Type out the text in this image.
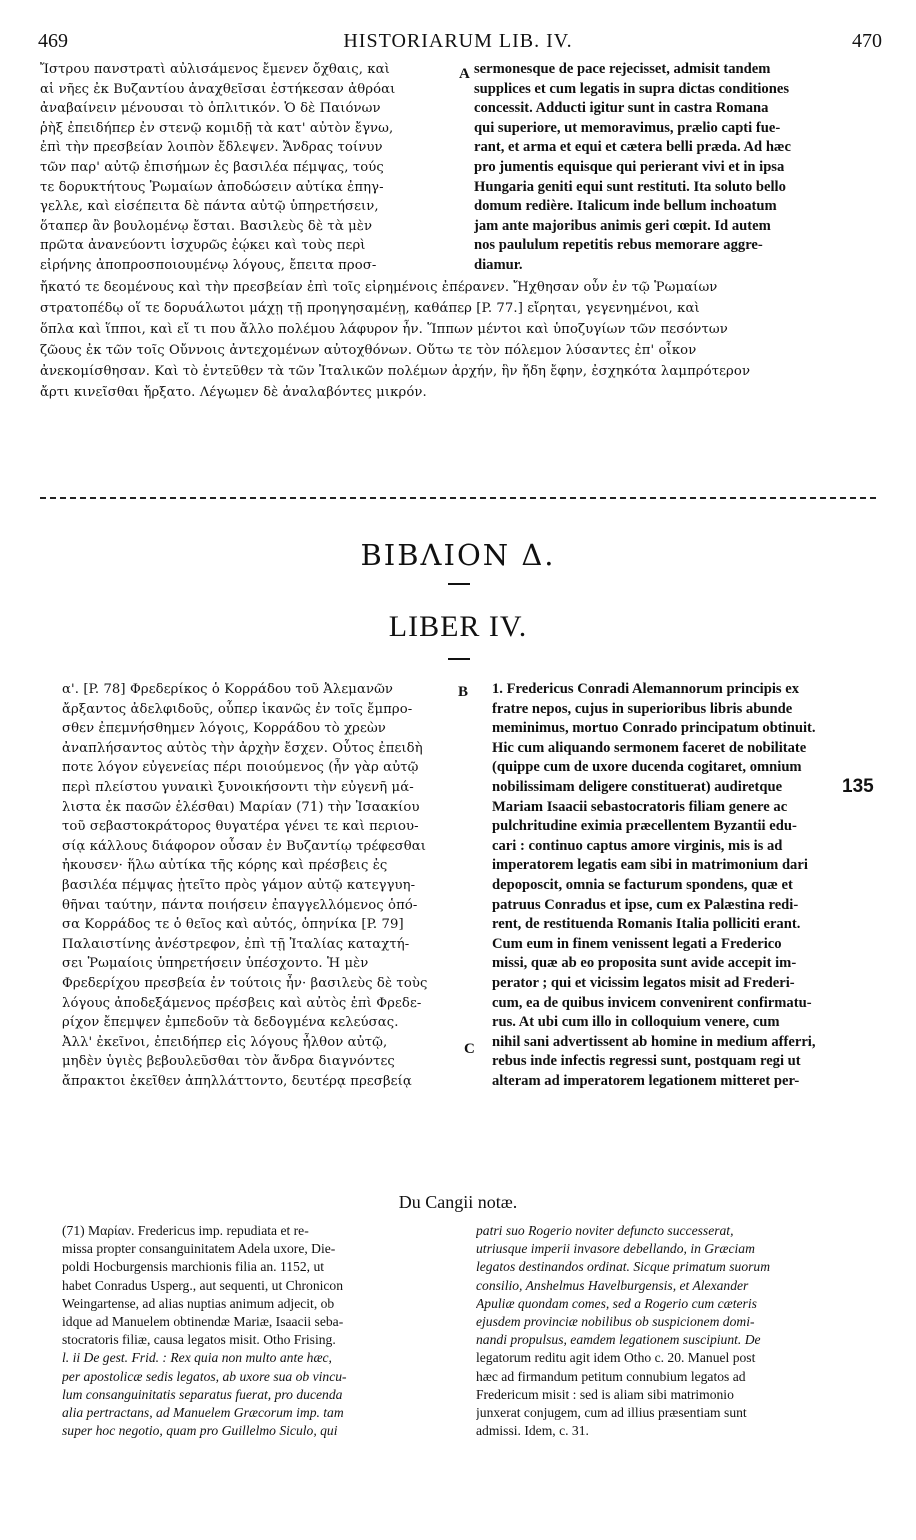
469	HISTORIARUM LIB. IV.	470
Ἴστρου πανστρατὶ αὐλισάμενος ἔμενεν ὄχθαις, καὶ
αἱ νῆες ἐκ Βυζαντίου ἀναχθεῖσαι ἐστήκεσαν ἀθρόαι
ἀναβαίνειν μένουσαι τὸ ὁπλιτικόν. Ὁ δὲ Παιόνων
ῥὴξ ἐπειδήπερ ἐν στενῷ κομιδῇ τὰ κατ' αὐτὸν ἔγνω,
ἐπὶ τὴν πρεσβείαν λοιπὸν ἔδλεψεν. Ἄνδρας τοίνυν
τῶν παρ' αὐτῷ ἐπισήμων ἐς βασιλέα πέμψας, τούς
τε δορυκτήτους Ῥωμαίων ἀποδώσειν αὐτίκα ἐπηγ-
γελλε, καὶ εἰσέπειτα δὲ πάντα αὐτῷ ὑπηρετήσειν,
ὅταπερ ἂν βουλομένῳ ἔσται. Βασιλεὺς δὲ τὰ μὲν
πρῶτα ἀνανεύοντι ἰσχυρῶς ἐῴκει καὶ τοὺς περὶ
εἰρήνης ἀποπροσποιουμένῳ λόγους, ἔπειτα προσ-
A sermonesque de pace rejecisset, admisit tandem
supplices et cum legatis in supra dictas conditiones
concessit. Adducti igitur sunt in castra Romana
qui superiore, ut memoravimus, prælio capti fue-
rant, et arma et equi et cætera belli præda. Ad hæc
pro jumentis equisque qui perierant vivi et in ipsa
Hungaria geniti equi sunt restituti. Ita soluto bello
domum redière. Italicum inde bellum inchoatum
jam ante majoribus animis geri cœpit. Id autem
nos paululum repetitis rebus memorare aggre-
diamur.
ἤκατό τε δεομένους καὶ τὴν πρεσβείαν ἐπὶ τοῖς εἰρημένοις ἐπέρανεν. Ἤχθησαν οὖν ἐν τῷ Ῥωμαίων
στρατοπέδῳ οἵ τε δορυάλωτοι μάχῃ τῇ προηγησαμένῃ, καθάπερ [P. 77.] εἴρηται, γεγενημένοι, καὶ
ὅπλα καὶ ἵπποι, καὶ εἴ τι που ἄλλο πολέμου λάφυρον ἦν. Ἵππων μέντοι καὶ ὑποζυγίων τῶν πεσόντων
ζῶους ἐκ τῶν τοῖς Οὔννοις ἀντεχομένων αὐτοχθόνων. Οὕτω τε τὸν πόλεμον λύσαντες ἐπ' οἶκον
ἀνεκομίσθησαν. Καὶ τὸ ἐντεῦθεν τὰ τῶν Ἰταλικῶν πολέμων ἀρχήν, ἣν ἤδη ἔφην, ἐσχηκότα λαμπρότερον
ἄρτι κινεῖσθαι ἤρξατο. Λέγωμεν δὲ ἀναλαβόντες μικρόν.
ΒΙΒΛΙΟΝ Δ.
LIBER IV.
α'. [P. 78] Φρεδερίκος ὁ Κορράδου τοῦ Ἀλεμανῶν
ἄρξαντος ἀδελφιδοῦς, οὗπερ ἱκανῶς ἐν τοῖς ἔμπρο-
σθεν ἐπεμνήσθημεν λόγοις, Κορράδου τὸ χρεὼν
ἀναπλήσαντος αὐτὸς τὴν ἀρχὴν ἔσχεν. Οὗτος ἐπειδὴ
ποτε λόγον εὐγενείας πέρι ποιούμενος (ἦν γὰρ αὐτῷ
περὶ πλείστου γυναικὶ ξυνοικήσοντι τὴν εὐγενῆ μά-
λιστα ἐκ πασῶν ἑλέσθαι) Μαρίαν (71) τὴν Ἰσαακίου
τοῦ σεβαστοκράτορος θυγατέρα γένει τε καὶ περιου-
σίᾳ κάλλους διάφορον οὖσαν ἐν Βυζαντίῳ τρέφεσθαι
ἠκουσεν· ἥλω αὐτίκα τῆς κόρης καὶ πρέσβεις ἐς
βασιλέα πέμψας ᾐτεῖτο πρὸς γάμον αὐτῷ κατεγγυη-
θῆναι ταύτην, πάντα ποιήσειν ἐπαγγελλόμενος ὁπό-
σα Κορράδος τε ὁ θεῖος καὶ αὐτός, ὁπηνίκα [P. 79]
Παλαιστίνης ἀνέστρεφον, ἐπὶ τῇ Ἰταλίας καταχτή-
σει Ῥωμαίοις ὑπηρετήσειν ὑπέσχοντο. Ἡ μὲν
Φρεδερίχου πρεσβεία ἐν τούτοις ἦν· βασιλεὺς δὲ τοὺς
λόγους ἀποδεξάμενος πρέσβεις καὶ αὐτὸς ἐπὶ Φρεδε-
ρίχον ἔπεμψεν ἐμπεδοῦν τὰ δεδογμένα κελεύσας.
Ἀλλ' ἐκεῖνοι, ἐπειδήπερ εἰς λόγους ἦλθον αὐτῷ,
μηδὲν ὑγιὲς βεβουλεῦσθαι τὸν ἄνδρα διαγνόντες
ἄπρακτοι ἐκεῖθεν ἀπηλλάττοντο, δευτέρᾳ πρεσβείᾳ
B
C
135
1. Fredericus Conradi Alemannorum principis ex
fratre nepos, cujus in superioribus libris abunde
meminimus, mortuo Conrado principatum obtinuit.
Hic cum aliquando sermonem faceret de nobilitate
(quippe cum de uxore ducenda cogitaret, omnium
nobilissimam deligere constituerat) audiretque
Mariam Isaacii sebastocratoris filiam genere ac
pulchritudine eximia præcellentem Byzantii edu-
cari : continuo captus amore virginis, mis is ad
imperatorem legatis eam sibi in matrimonium dari
depoposcit, omnia se facturum spondens, quæ et
patruus Conradus et ipse, cum ex Palæstina redi-
rent, de restituenda Romanis Italia polliciti erant.
Cum eum in finem venissent legati a Frederico
missi, quæ ab eo proposita sunt avide accepit im-
perator ; qui et vicissim legatos misit ad Frederi-
cum, ea de quibus invicem convenirent confirmatu-
rus. At ubi cum illo in colloquium venere, cum
nihil sani advertissent ab homine in medium afferri,
rebus inde infectis regressi sunt, postquam regi ut
alteram ad imperatorem legationem mitteret per-
Du Cangii notæ.
(71) Μαρίαν. Fredericus imp. repudiata et re-
missa propter consanguinitatem Adela uxore, Die-
poldi Hocburgensis marchionis filia an. 1152, ut
habet Conradus Usperg., aut sequenti, ut Chronicon
Weingartense, ad alias nuptias animum adjecit, ob
idque ad Manuelem obtinendæ Mariæ, Isaacii seba-
stocratoris filiæ, causa legatos misit. Otho Frising.
l. ii De gest. Frid. : Rex quia non multo ante hæc,
per apostolicæ sedis legatos, ab uxore sua ob vincu-
lum consanguinitatis separatus fuerat, pro ducenda
alia pertractans, ad Manuelem Græcorum imp. tam
super hoc negotio, quam pro Guillelmo Siculo, qui
patri suo Rogerio noviter defuncto successerat,
utriusque imperii invasore debellando, in Græciam
legatos destinandos ordinat. Sicque primatum suorum
consilio, Anshelmus Havelburgensis, et Alexander
Apuliæ quondam comes, sed a Rogerio cum cæteris
ejusdem provinciæ nobilibus ob suspicionem domi-
nandi propulsus, eamdem legationem suscipiunt. De
legatorum reditu agit idem Otho c. 20. Manuel post
hæc ad firmandum petitum connubium legatos ad
Fredericum misit : sed is aliam sibi matrimonio
junxerat conjugem, cum ad illius præsentiam sunt
admissi. Idem, c. 31.
